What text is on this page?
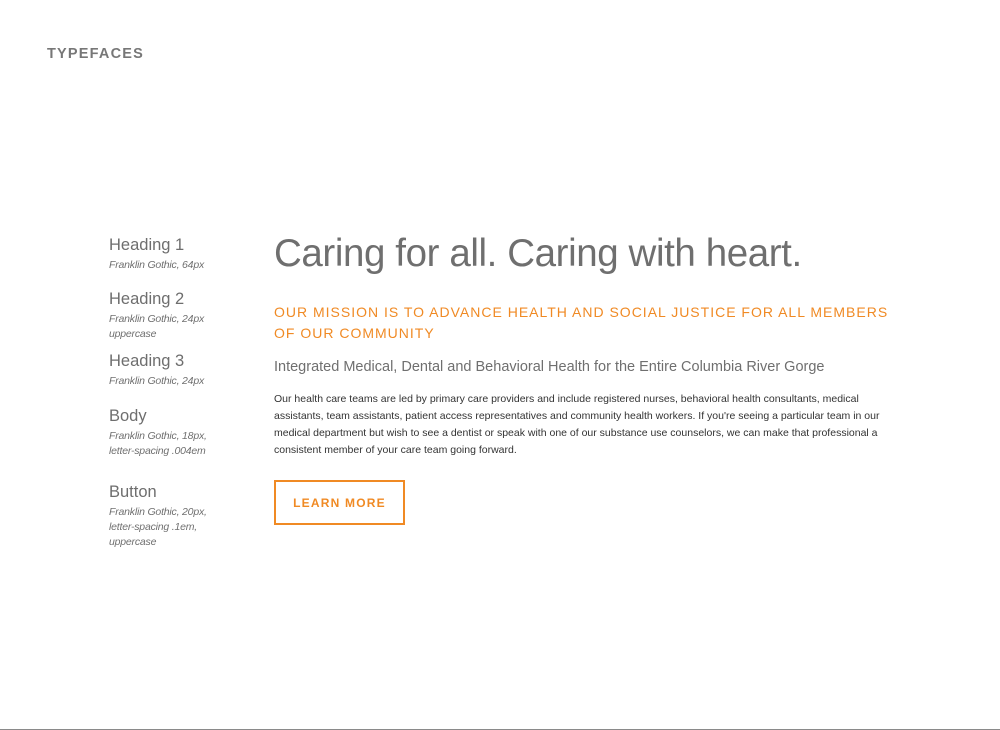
TYPEFACES
Heading 1
Franklin Gothic, 64px
Heading 2
Franklin Gothic, 24px
uppercase
Heading 3
Franklin Gothic, 24px
Body
Franklin Gothic, 18px,
letter-spacing .004em
Button
Franklin Gothic, 20px,
letter-spacing .1em,
uppercase
Caring for all. Caring with heart.
OUR MISSION IS TO ADVANCE HEALTH AND SOCIAL JUSTICE FOR ALL MEMBERS OF OUR COMMUNITY
Integrated Medical, Dental and Behavioral Health for the Entire Columbia River Gorge
Our health care teams are led by primary care providers and include registered nurses, behavioral health consultants, medical assistants, team assistants, patient access representatives and community health workers. If you're seeing a particular team in our medical department but wish to see a dentist or speak with one of our substance use counselors, we can make that professional a consistent member of your care team going forward.
LEARN MORE
